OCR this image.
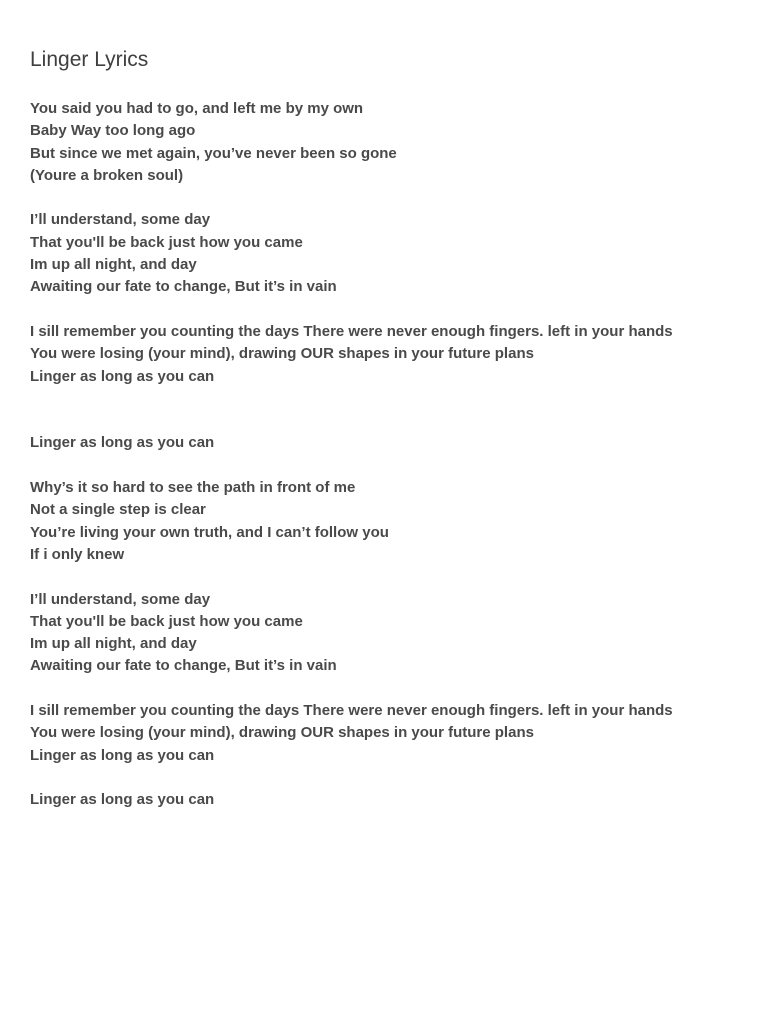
Linger Lyrics
You said you had to go, and left me by my own
Baby Way too long ago
But since we met again, you’ve never been so gone
(Youre a broken soul)
I’ll understand, some day
That you'll be back just how you came
Im up all night, and day
Awaiting our fate to change, But it’s in vain
I sill remember you counting the days There were never enough fingers. left in your hands
You were losing (your mind), drawing OUR shapes in your future plans
Linger as long as you can
Linger as long as you can
Why’s it so hard to see the path in front of me
Not a single step is clear
You’re living your own truth, and I can’t follow you
If i only knew
I’ll understand, some day
That you'll be back just how you came
Im up all night, and day
Awaiting our fate to change, But it’s in vain
I sill remember you counting the days There were never enough fingers. left in your hands
You were losing (your mind), drawing OUR shapes in your future plans
Linger as long as you can
Linger as long as you can
